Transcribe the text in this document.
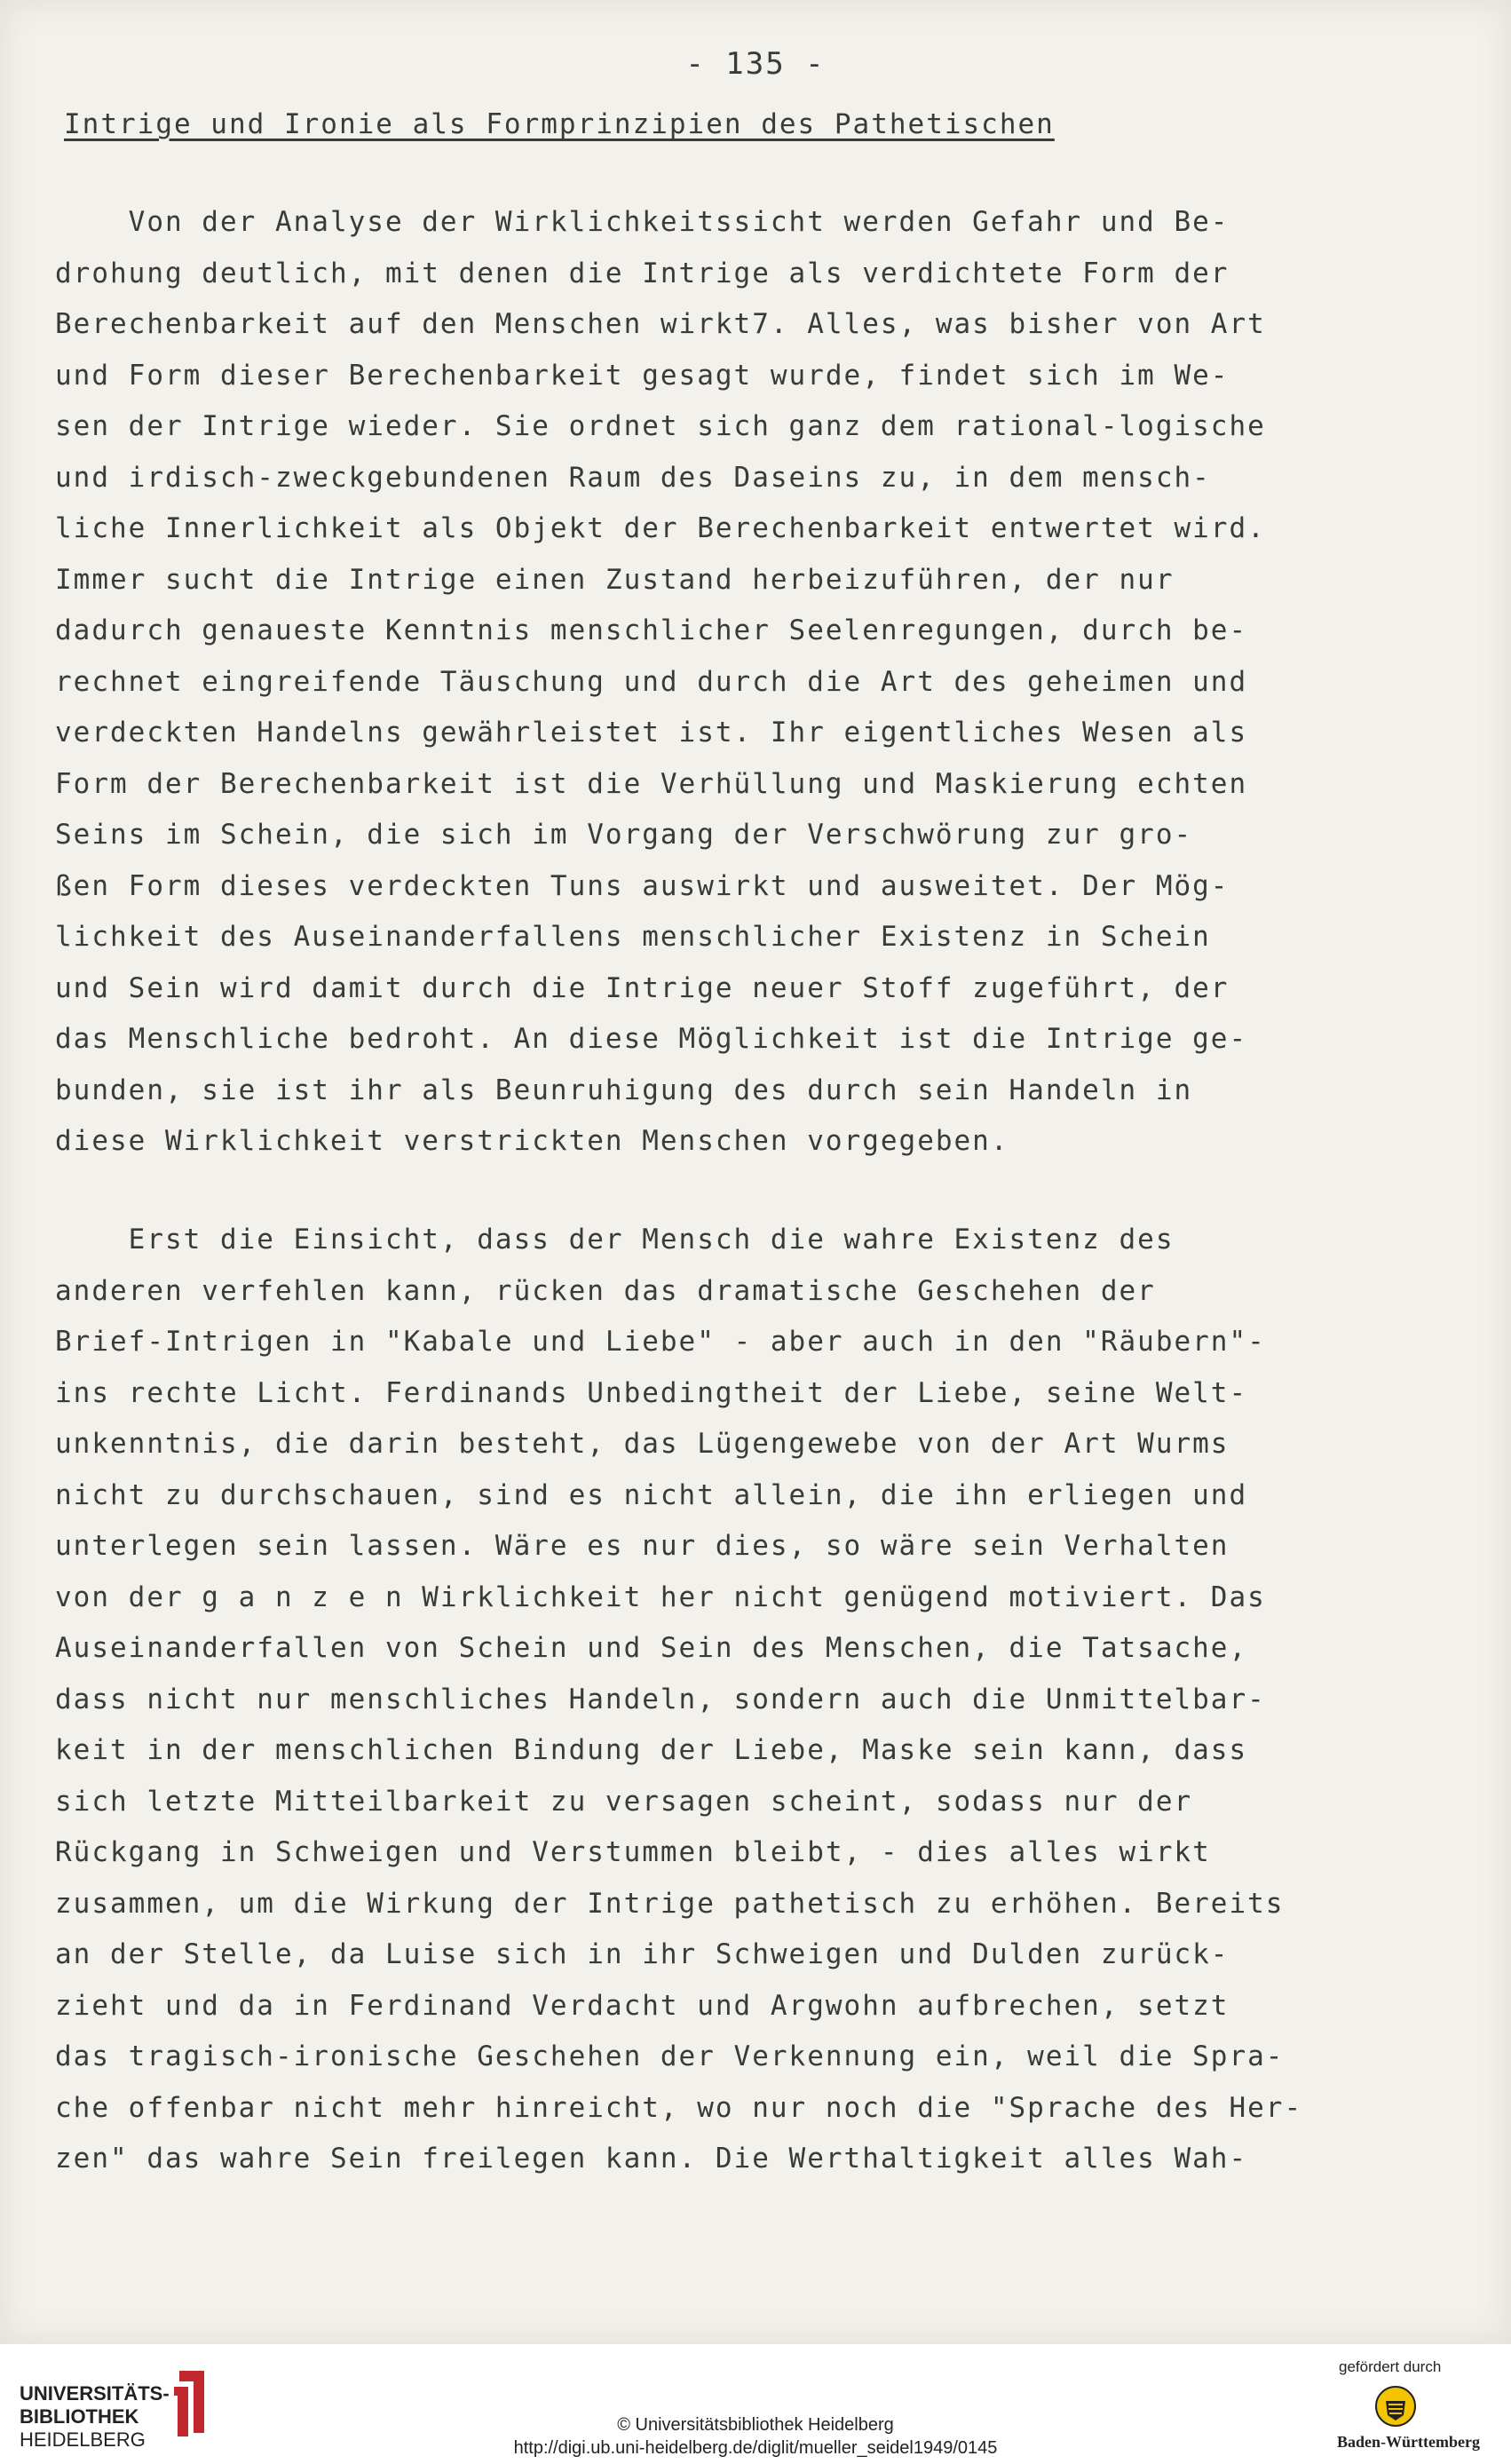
- 135 -
Intrige und Ironie als Formprinzipien des Pathetischen
Von der Analyse der Wirklichkeitssicht werden Gefahr und Be-
drohung deutlich, mit denen die Intrige als verdichtete Form der
Berechenbarkeit auf den Menschen wirkt7. Alles, was bisher von Art
und Form dieser Berechenbarkeit gesagt wurde, findet sich im We-
sen der Intrige wieder. Sie ordnet sich ganz dem rational-logische
und irdisch-zweckgebundenen Raum des Daseins zu, in dem mensch-
liche Innerlichkeit als Objekt der Berechenbarkeit entwertet wird.
Immer sucht die Intrige einen Zustand herbeizuführen, der nur
dadurch genaueste Kenntnis menschlicher Seelenregungen, durch be-
rechnet eingreifende Täuschung und durch die Art des geheimen und
verdeckten Handelns gewährleistet ist. Ihr eigentliches Wesen als
Form der Berechenbarkeit ist die Verhüllung und Maskierung echten
Seins im Schein, die sich im Vorgang der Verschwörung zur gro-
ßen Form dieses verdeckten Tuns auswirkt und ausweitet. Der Mög-
lichkeit des Auseinanderfallens menschlicher Existenz in Schein
und Sein wird damit durch die Intrige neuer Stoff zugeführt, der
das Menschliche bedroht. An diese Möglichkeit ist die Intrige ge-
bunden, sie ist ihr als Beunruhigung des durch sein Handeln in
diese Wirklichkeit verstrickten Menschen vorgegeben.
Erst die Einsicht, dass der Mensch die wahre Existenz des
anderen verfehlen kann, rücken das dramatische Geschehen der
Brief-Intrigen in "Kabale und Liebe" - aber auch in den "Räubern"-
ins rechte Licht. Ferdinands Unbedingtheit der Liebe, seine Welt-
unkenntnis, die darin besteht, das Lügengewebe von der Art Wurms
nicht zu durchschauen, sind es nicht allein, die ihn erliegen und
unterlegen sein lassen. Wäre es nur dies, so wäre sein Verhalten
von der g a n z e n Wirklichkeit her nicht genügend motiviert. Das
Auseinanderfallen von Schein und Sein des Menschen, die Tatsache,
dass nicht nur menschliches Handeln, sondern auch die Unmittelbar-
keit in der menschlichen Bindung der Liebe, Maske sein kann, dass
sich letzte Mitteilbarkeit zu versagen scheint, sodass nur der
Rückgang in Schweigen und Verstummen bleibt, - dies alles wirkt
zusammen, um die Wirkung der Intrige pathetisch zu erhöhen. Bereits
an der Stelle, da Luise sich in ihr Schweigen und Dulden zurück-
zieht und da in Ferdinand Verdacht und Argwohn aufbrechen, setzt
das tragisch-ironische Geschehen der Verkennung ein, weil die Spra-
che offenbar nicht mehr hinreicht, wo nur noch die "Sprache des Her-
zen" das wahre Sein freilegen kann. Die Werthaltigkeit alles Wah-
UNIVERSITÄTS-
BIBLIOTHEK
HEIDELBERG
© Universitätsbibliothek Heidelberg
http://digi.ub.uni-heidelberg.de/diglit/mueller_seidel1949/0145
gefördert durch
Baden-Württemberg
